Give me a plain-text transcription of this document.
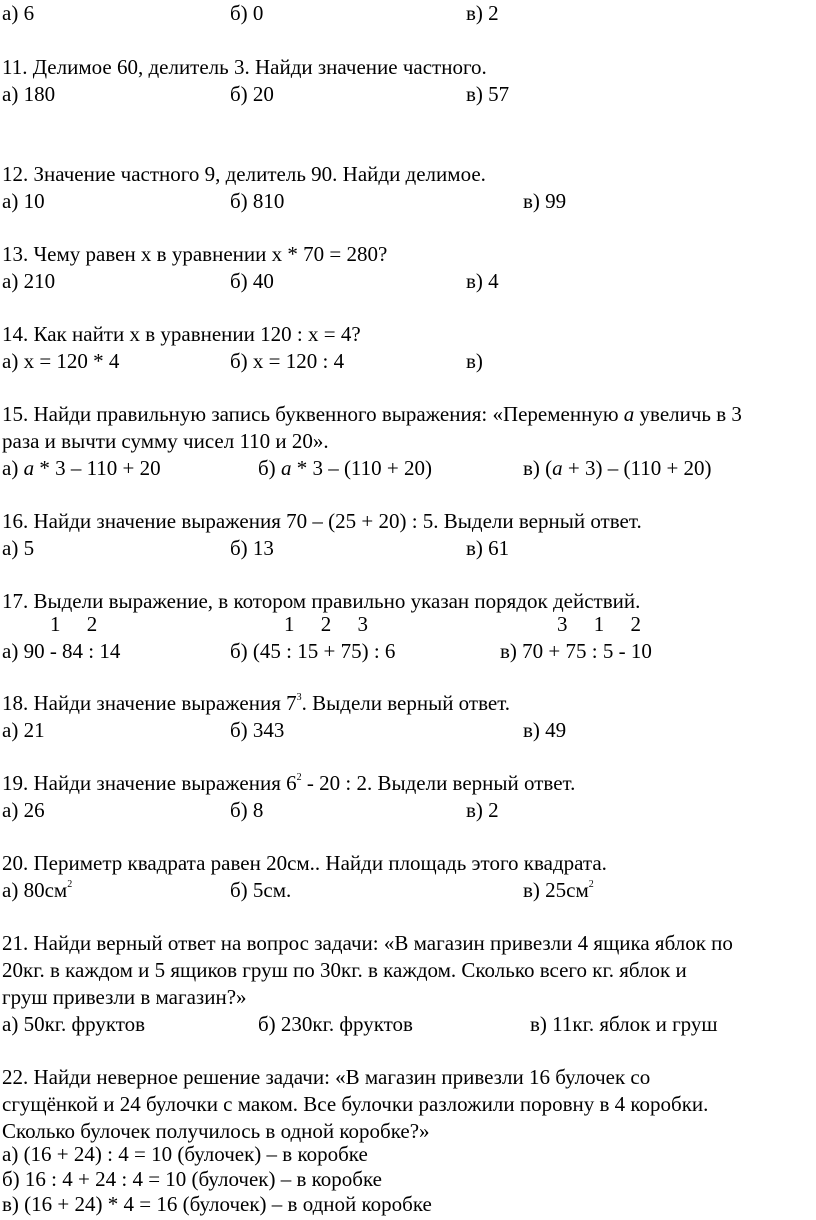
а) 6	б) 0	в) 2
11. Делимое 60, делитель 3. Найди значение частного.
а) 180	б) 20	в) 57
12. Значение частного 9, делитель 90. Найди делимое.
а) 10	б) 810	в) 99
13. Чему равен х в уравнении х * 70 = 280?
а) 210	б) 40	в) 4
14. Как найти х в уравнении 120 : х = 4?
а) х = 120 * 4	б) х = 120 : 4	в)
15. Найди правильную запись буквенного выражения: «Переменную а увеличь в 3
раза и вычти сумму чисел 110 и 20».
а) а * 3 – 110 + 20	б) а * 3 – (110 + 20)	в) (а + 3) – (110 + 20)
16. Найди значение выражения 70 – (25 + 20) : 5. Выдели верный ответ.
а) 5	б) 13	в) 61
17. Выдели выражение, в котором правильно указан порядок действий.
1     2	1     2     3	3     1     2
а) 90 - 84 : 14	б) (45 : 15 + 75) : 6	в) 70 + 75 : 5 - 10
18. Найди значение выражения $7^3$. Выдели верный ответ.
а) 21	б) 343	в) 49
19. Найди значение выражения $6^2 - 20$ : 2. Выдели верный ответ.
а) 26	б) 8	в) 2
20. Периметр квадрата равен 20см.. Найди площадь этого квадрата.
а) $80см^2$	б) 5см.	в) $25см^2$
21. Найди верный ответ на вопрос задачи: «В магазин привезли 4 ящика яблок по
20кг. в каждом и 5 ящиков груш по 30кг. в каждом. Сколько всего кг. яблок и
груш привезли в магазин?»
а) 50кг. фруктов	б) 230кг. фруктов	в) 11кг. яблок и груш
22. Найди неверное решение задачи: «В магазин привезли 16 булочек со
сгущёнкой и 24 булочки с маком. Все булочки разложили поровну в 4 коробки.
Сколько булочек получилось в одной коробке?»
а) (16 + 24) : 4 = 10 (булочек) – в коробке
б) 16 : 4 + 24 : 4 = 10 (булочек) – в коробке
в) (16 + 24) * 4 = 16 (булочек) – в одной коробке
